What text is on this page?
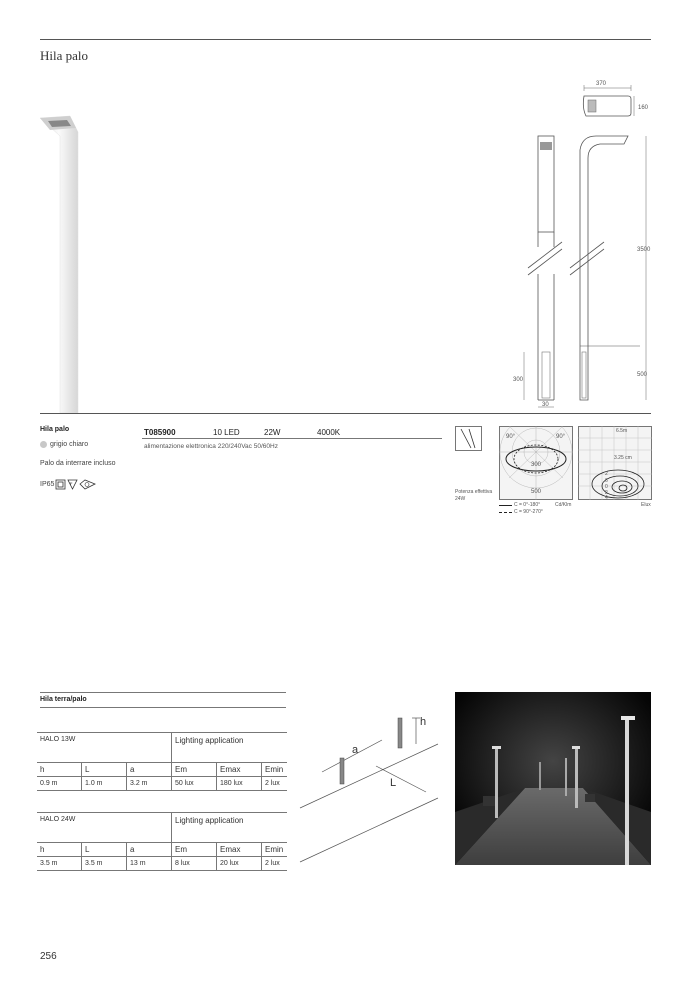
Hila palo
370
160
3500
500
300
30
Hila palo
grigio chiaro
Palo da interrare incluso
IP65	F
T085900	10 LED	22W	4000K
alimentazione elettronica 220/240Vac 50/60Hz
Potenza effettiva
24W
90°	90°
300
500
Cd/Klm
C = 0°-180°
C = 90°-270°
6.5m
3.25 cm
2
6
0
2
4
Elux
Hila terra/palo
HALO 13W			Lighting application		
h	L	a	Em	Emax	Emin
0.9 m	1.0 m	3.2 m	50 lux	180 lux	2 lux
HALO 24W			Lighting application		
h	L	a	Em	Emax	Emin
3.5 m	3.5 m	13 m	8 lux	20 lux	2 lux
h
a
L
256
